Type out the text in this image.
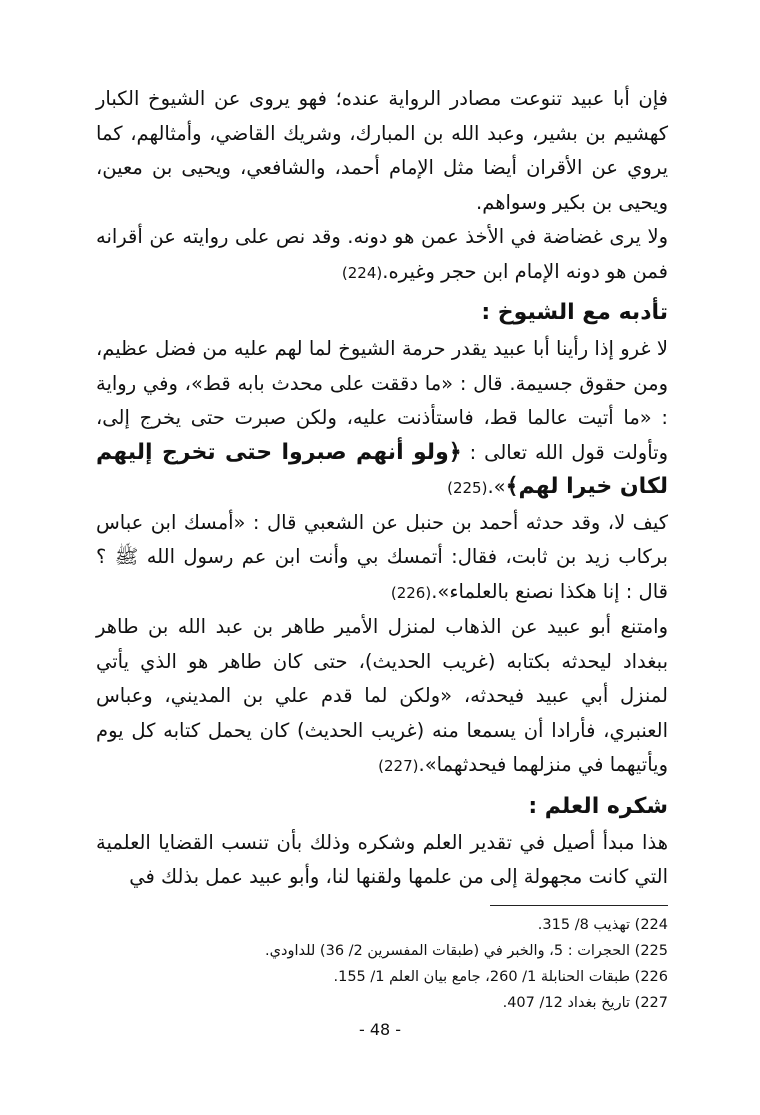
فإن أبا عبيد تنوعت مصادر الرواية عنده؛ فهو يروى عن الشيوخ الكبار كهشيم بن بشير، وعبد الله بن المبارك، وشريك القاضي، وأمثالهم، كما يروي عن الأقران أيضا مثل الإمام أحمد، والشافعي، ويحيى بن معين، ويحيى بن بكير وسواهم.

ولا يرى غضاضة في الأخذ عمن هو دونه. وقد نص على روايته عن أقرانه فمن هو دونه الإمام ابن حجر وغيره.(224)

تأدبه مع الشيوخ :

لا غرو إذا رأينا أبا عبيد يقدر حرمة الشيوخ لما لهم عليه من فضل عظيم، ومن حقوق جسيمة. قال : «ما دققت على محدث بابه قط»، وفي رواية : «ما أتيت عالما قط، فاستأذنت عليه، ولكن صبرت حتى يخرج إلى، وتأولت قول الله تعالى : ﴿ولو أنهم صبروا حتى تخرج إليهم لكان خيرا لهم﴾».(225)

كيف لا، وقد حدثه أحمد بن حنبل عن الشعبي قال : «أمسك ابن عباس بركاب زيد بن ثابت، فقال: أتمسك بي وأنت ابن عم رسول الله ﷺ ؟ قال : إنا هكذا نصنع بالعلماء».(226)

وامتنع أبو عبيد عن الذهاب لمنزل الأمير طاهر بن عبد الله بن طاهر ببغداد ليحدثه بكتابه (غريب الحديث)، حتى كان طاهر هو الذي يأتي لمنزل أبي عبيد فيحدثه، «ولكن لما قدم علي بن المديني، وعباس العنبري، فأرادا أن يسمعا منه (غريب الحديث) كان يحمل كتابه كل يوم ويأتيهما في منزلهما فيحدثهما».(227)

شكره العلم :

هذا مبدأ أصيل في تقدير العلم وشكره وذلك بأن تنسب القضايا العلمية التي كانت مجهولة إلى من علمها ولقنها لنا، وأبو عبيد عمل بذلك في

224) تهذيب 8/ 315.

225) الحجرات : 5، والخبر في (طبقات المفسرين 2/ 36) للداودي.

226) طبقات الحنابلة 1/ 260، جامع بيان العلم 1/ 155.

227) تاريخ بغداد 12/ 407.

- 48 -
